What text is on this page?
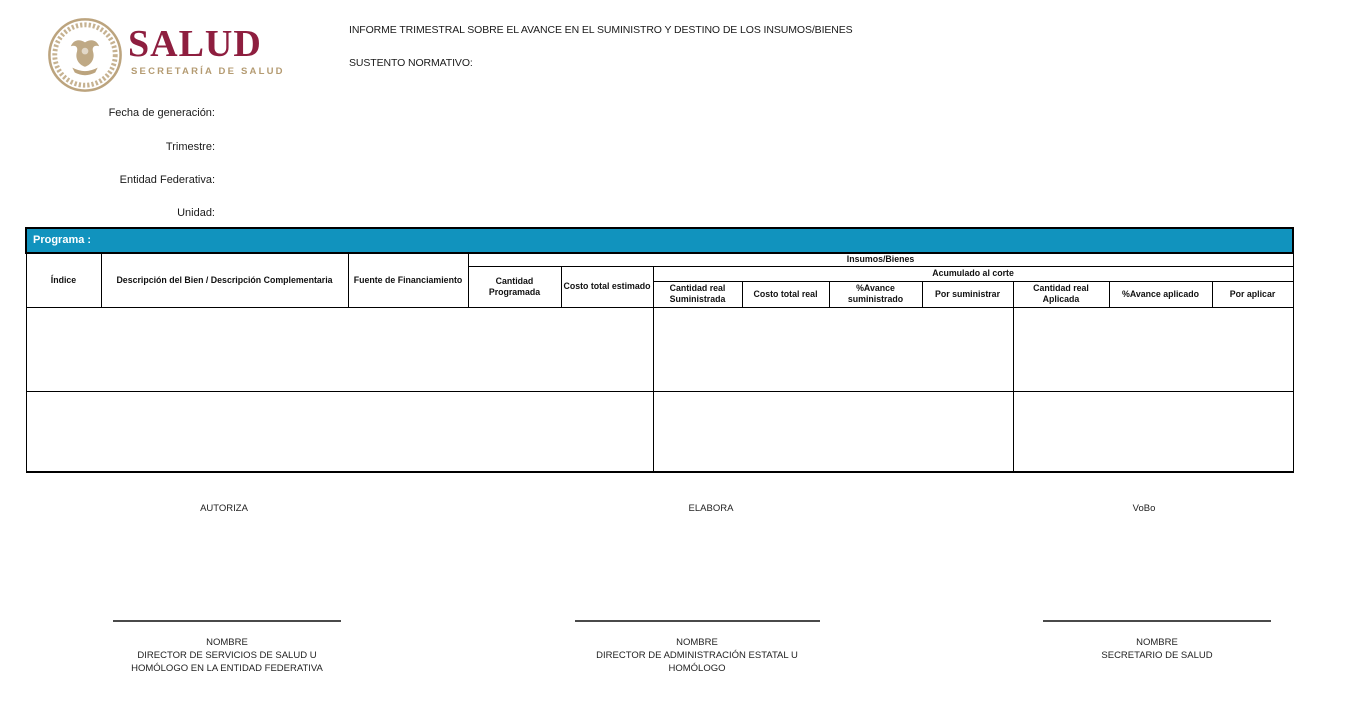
SALUD
SECRETARÍA DE SALUD
INFORME TRIMESTRAL SOBRE EL AVANCE EN EL SUMINISTRO Y DESTINO DE LOS INSUMOS/BIENES
SUSTENTO NORMATIVO:
Fecha de generación:
Trimestre:
Entidad Federativa:
Unidad:
Programa :											
Índice	Descripción del Bien / Descripción Complementaria	Fuente de Financiamiento	Insumos/Bienes								
			Cantidad Programada	Costo total estimado	Acumulado al corte						
					Cantidad real Suministrada	Costo total real	%Avance suministrado	Por suministrar	Cantidad real Aplicada	%Avance aplicado	Por aplicar

AUTORIZA	ELABORA	VoBo
NOMBRE
DIRECTOR DE SERVICIOS DE SALUD U
HOMÓLOGO EN LA ENTIDAD FEDERATIVA
NOMBRE
DIRECTOR DE ADMINISTRACIÓN ESTATAL U
HOMÓLOGO
NOMBRE
SECRETARIO DE SALUD
